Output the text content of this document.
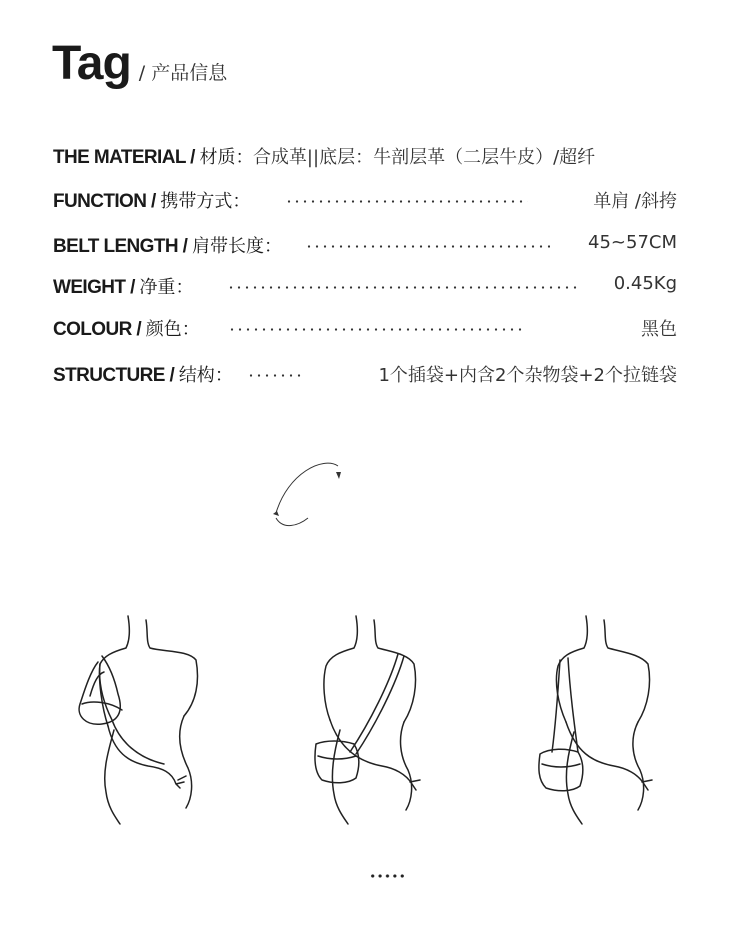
Tag / 产品信息
THE MATERIAL / 材质：合成革||底层：牛剖层革（二层牛皮）/超纤
FUNCTION / 携带方式：	单肩 /斜挎
BELT LENGTH / 肩带长度：	45~57CM
WEIGHT / 净重：	0.45Kg
COLOUR / 颜色：	黑色
STRUCTURE / 结构：	1个插袋+内含2个杂物袋+2个拉链袋
